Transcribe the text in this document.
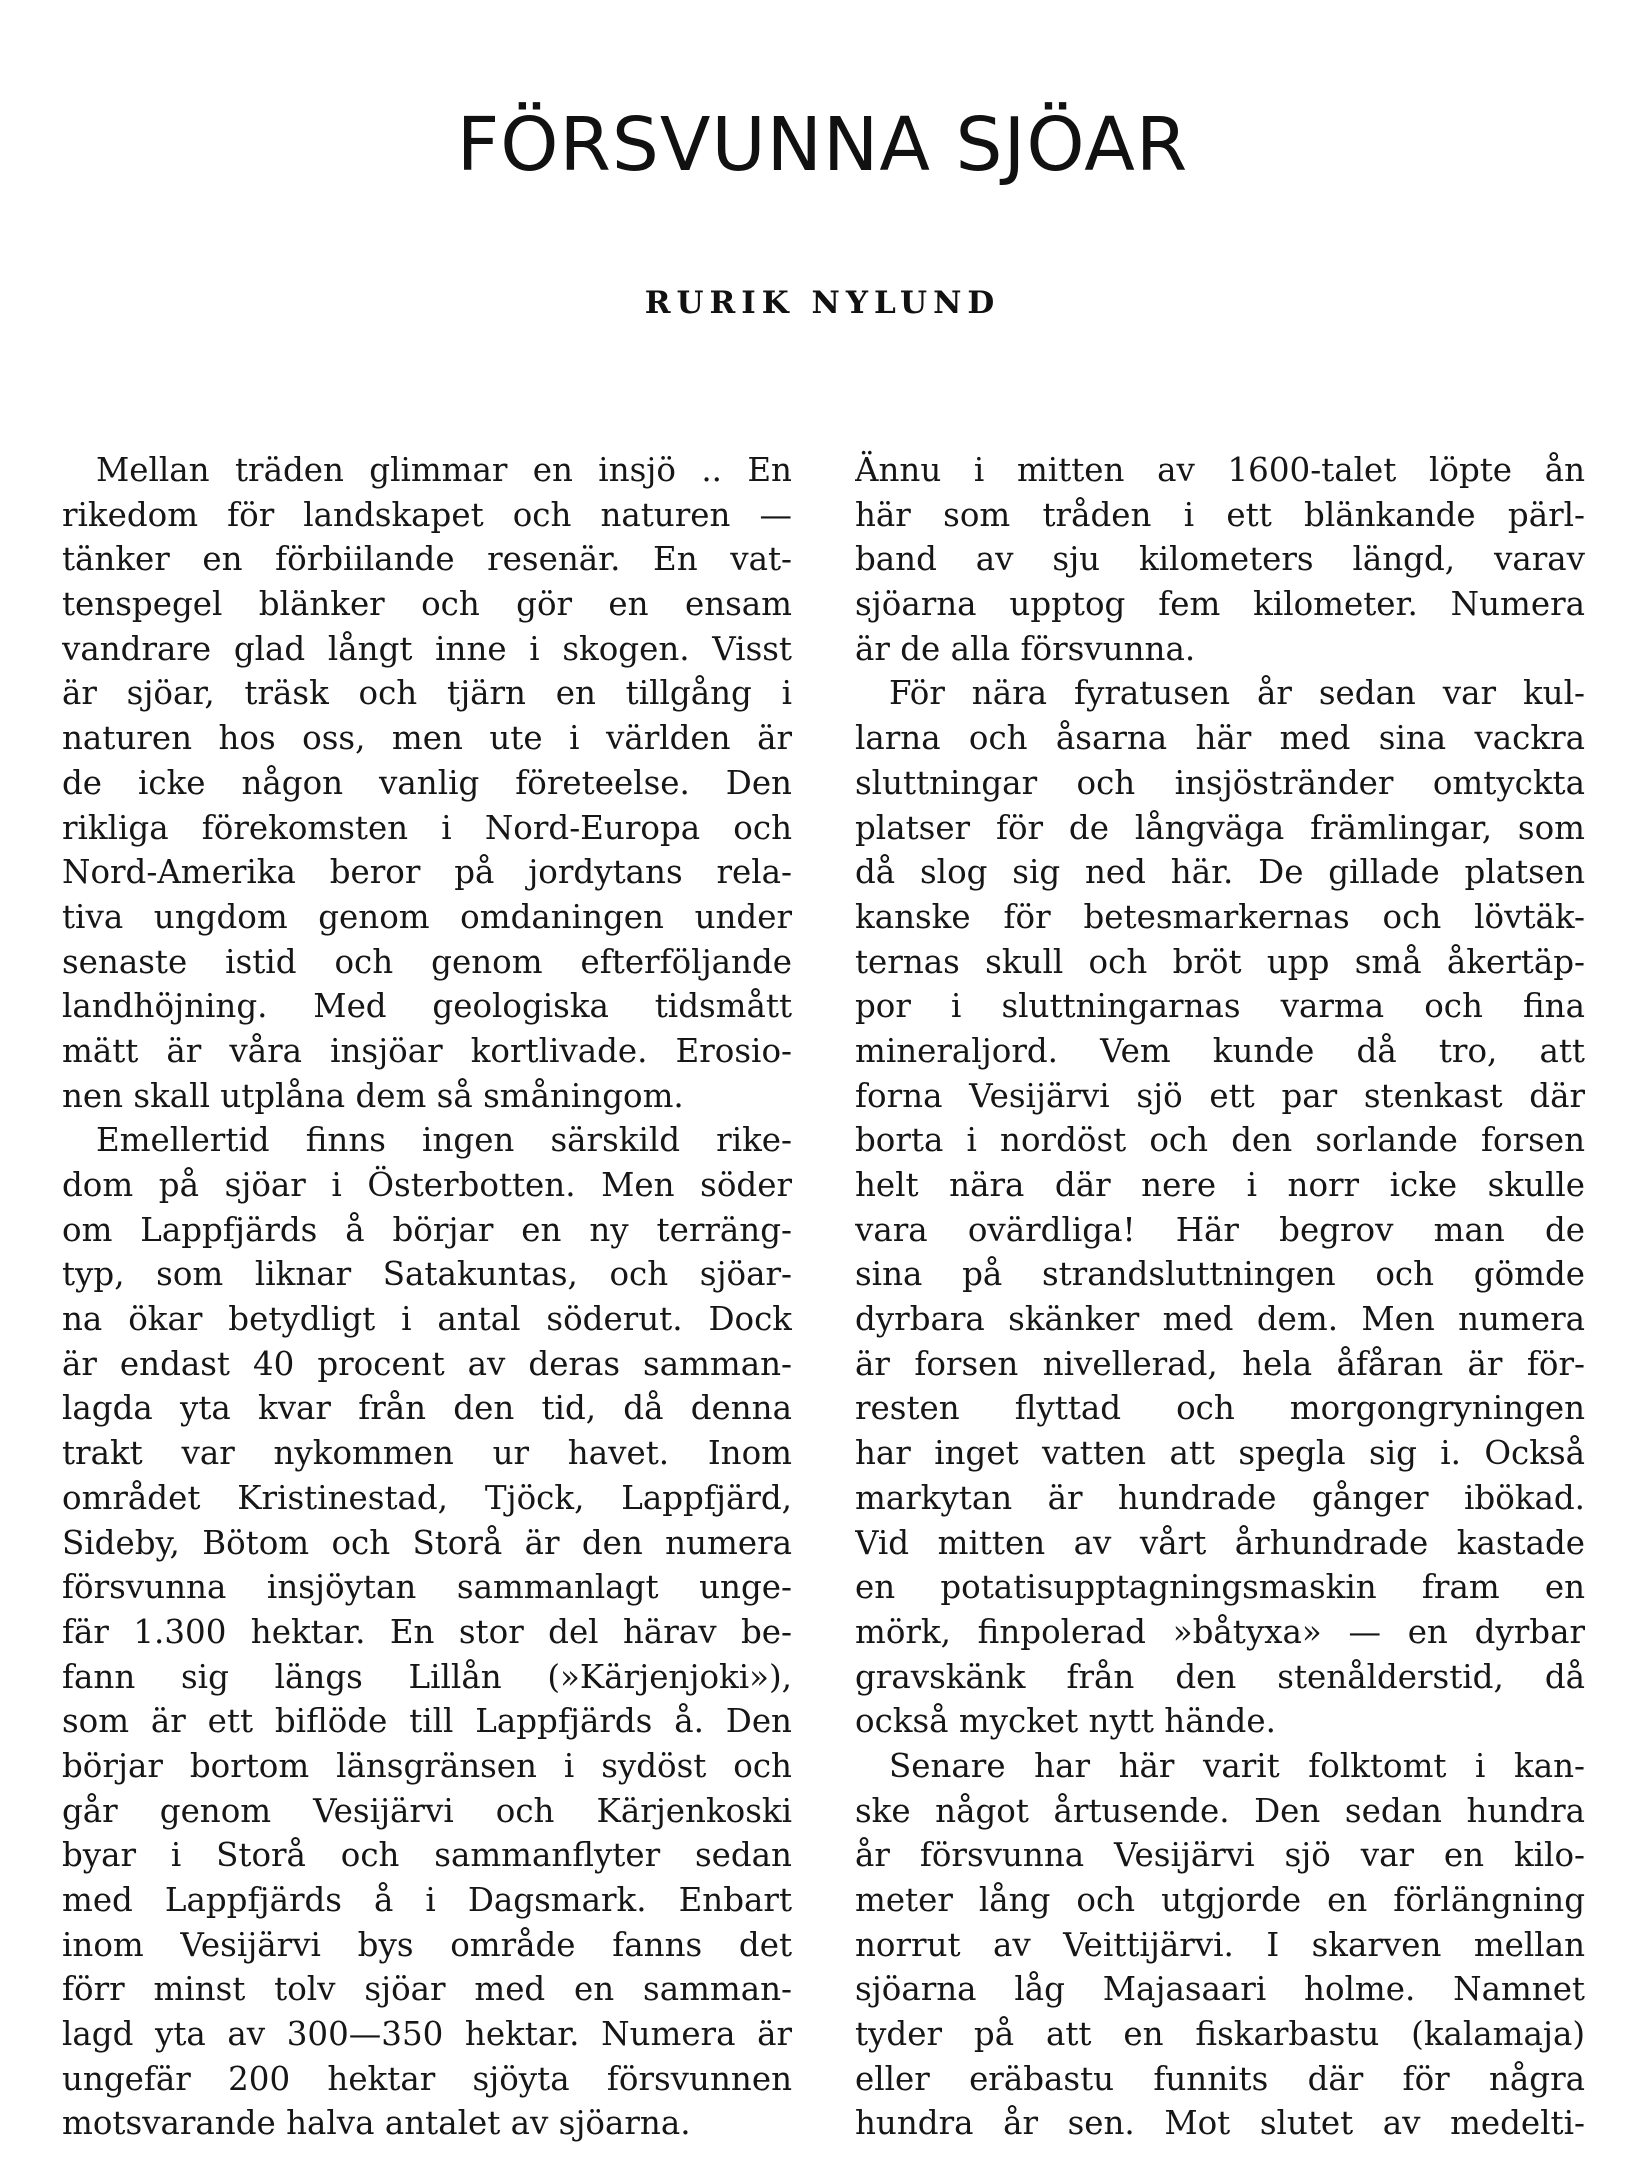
FÖRSVUNNA SJÖAR
RURIK NYLUND
Mellan träden glimmar en insjö .. En
rikedom för landskapet och naturen —
tänker en förbiilande resenär. En vat-
tenspegel blänker och gör en ensam
vandrare glad långt inne i skogen. Visst
är sjöar, träsk och tjärn en tillgång i
naturen hos oss, men ute i världen är
de icke någon vanlig företeelse. Den
rikliga förekomsten i Nord-Europa och
Nord-Amerika beror på jordytans rela-
tiva ungdom genom omdaningen under
senaste istid och genom efterföljande
landhöjning. Med geologiska tidsmått
mätt är våra insjöar kortlivade. Erosio-
nen skall utplåna dem så småningom.
Emellertid finns ingen särskild rike-
dom på sjöar i Österbotten. Men söder
om Lappfjärds å börjar en ny terräng-
typ, som liknar Satakuntas, och sjöar-
na ökar betydligt i antal söderut. Dock
är endast 40 procent av deras samman-
lagda yta kvar från den tid, då denna
trakt var nykommen ur havet. Inom
området Kristinestad, Tjöck, Lappfjärd,
Sideby, Bötom och Storå är den numera
försvunna insjöytan sammanlagt unge-
fär 1.300 hektar. En stor del härav be-
fann sig längs Lillån (»Kärjenjoki»),
som är ett biflöde till Lappfjärds å. Den
börjar bortom länsgränsen i sydöst och
går genom Vesijärvi och Kärjenkoski
byar i Storå och sammanflyter sedan
med Lappfjärds å i Dagsmark. Enbart
inom Vesijärvi bys område fanns det
förr minst tolv sjöar med en samman-
lagd yta av 300—350 hektar. Numera är
ungefär 200 hektar sjöyta försvunnen
motsvarande halva antalet av sjöarna.
Ännu i mitten av 1600-talet löpte ån
här som tråden i ett blänkande pärl-
band av sju kilometers längd, varav
sjöarna upptog fem kilometer. Numera
är de alla försvunna.
För nära fyratusen år sedan var kul-
larna och åsarna här med sina vackra
sluttningar och insjöstränder omtyckta
platser för de långväga främlingar, som
då slog sig ned här. De gillade platsen
kanske för betesmarkernas och lövtäk-
ternas skull och bröt upp små åkertäp-
por i sluttningarnas varma och fina
mineraljord. Vem kunde då tro, att
forna Vesijärvi sjö ett par stenkast där
borta i nordöst och den sorlande forsen
helt nära där nere i norr icke skulle
vara ovärdliga! Här begrov man de
sina på strandsluttningen och gömde
dyrbara skänker med dem. Men numera
är forsen nivellerad, hela åfåran är för-
resten flyttad och morgongryningen
har inget vatten att spegla sig i. Också
markytan är hundrade gånger ibökad.
Vid mitten av vårt århundrade kastade
en potatisupptagningsmaskin fram en
mörk, finpolerad »båtyxa» — en dyrbar
gravskänk från den stenålderstid, då
också mycket nytt hände.
Senare har här varit folktomt i kan-
ske något årtusende. Den sedan hundra
år försvunna Vesijärvi sjö var en kilo-
meter lång och utgjorde en förlängning
norrut av Veittijärvi. I skarven mellan
sjöarna låg Majasaari holme. Namnet
tyder på att en fiskarbastu (kalamaja)
eller eräbastu funnits där för några
hundra år sen. Mot slutet av medelti-
